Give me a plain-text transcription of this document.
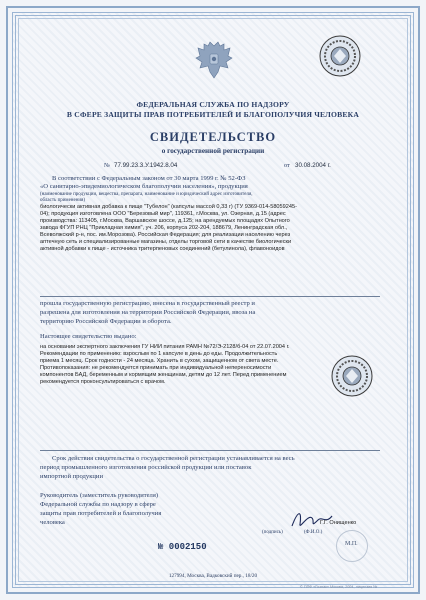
ФЕДЕРАЛЬНАЯ СЛУЖБА ПО НАДЗОРУ
В СФЕРЕ ЗАЩИТЫ ПРАВ ПОТРЕБИТЕЛЕЙ И БЛАГОПОЛУЧИЯ ЧЕЛОВЕКА
СВИДЕТЕЛЬСТВО
о государственной регистрации
№ 77.99.23.3.У.1942.8.04	от 30.08.2004 г.
В соответствии с Федеральным законом от 30 марта 1999 г. № 52-ФЗ
«О санитарно-эпидемиологическом благополучии населения», продукция
(наименование продукции, вещества, препарата, наименование и юридический адрес изготовителя,
область применения)
биологически активная добавка к пище "Тубелон" (капсулы массой 0,33 г) (ТУ 9369-014-58059245-
04); продукция изготовлена ООО "Березовый мир", 119361, г.Москва, ул. Озерная, д.15 (адрес
производства: 113405, г.Москва, Варшавское шоссе, д.125; на арендуемых площадях Опытного
завода ФГУП РНЦ "Прикладная химия", уч. 206, корпуса 202-204, 188679, Ленинградская обл.,
Всеволжский р-н, пос. им.Морозова). Российская Федерация; для реализации населению через
аптечную сеть и специализированные магазины, отделы торговой сети в качестве биологически
активной добавки к пище - источника тритерпеновых соединений (бетулинола), флавоноидов
прошла государственную регистрацию, внесена в государственный реестр и
разрешена для изготовления на территории Российской Федерации, ввоза на
территорию Российской Федерации и оборота.
Настоящее свидетельство выдано:
на основании экспертного заключения ГУ НИИ питания РАМН №72/Э-2128/б-04 от 22.07.2004 г.
Рекомендации по применению: взрослым по 1 капсуле в день до еды. Продолжительность
приема 1 месяц. Срок годности - 24 месяца. Хранить в сухом, защищенном от света месте.
Противопоказания: не рекомендуется принимать при индивидуальной непереносимости
компонентов БАД, беременным и кормящим женщинам, детям до 12 лет. Перед применением
рекомендуется проконсультироваться с врачом.
Срок действия свидетельства о государственной регистрации устанавливается на весь
период промышленного изготовления российской продукции или поставок
импортной продукции
Руководитель (заместитель руководителя)
Федеральной службы по надзору в сфере
защиты прав потребителей и благополучия
человека	Г.Г. Онищенко
(подпись)	(Ф.И.О.)
М.П.
№ 0002150
127994, Москва, Вадковский пер., 18/20
© ППФ «Гознак» Москва, 2004, лицензия №
